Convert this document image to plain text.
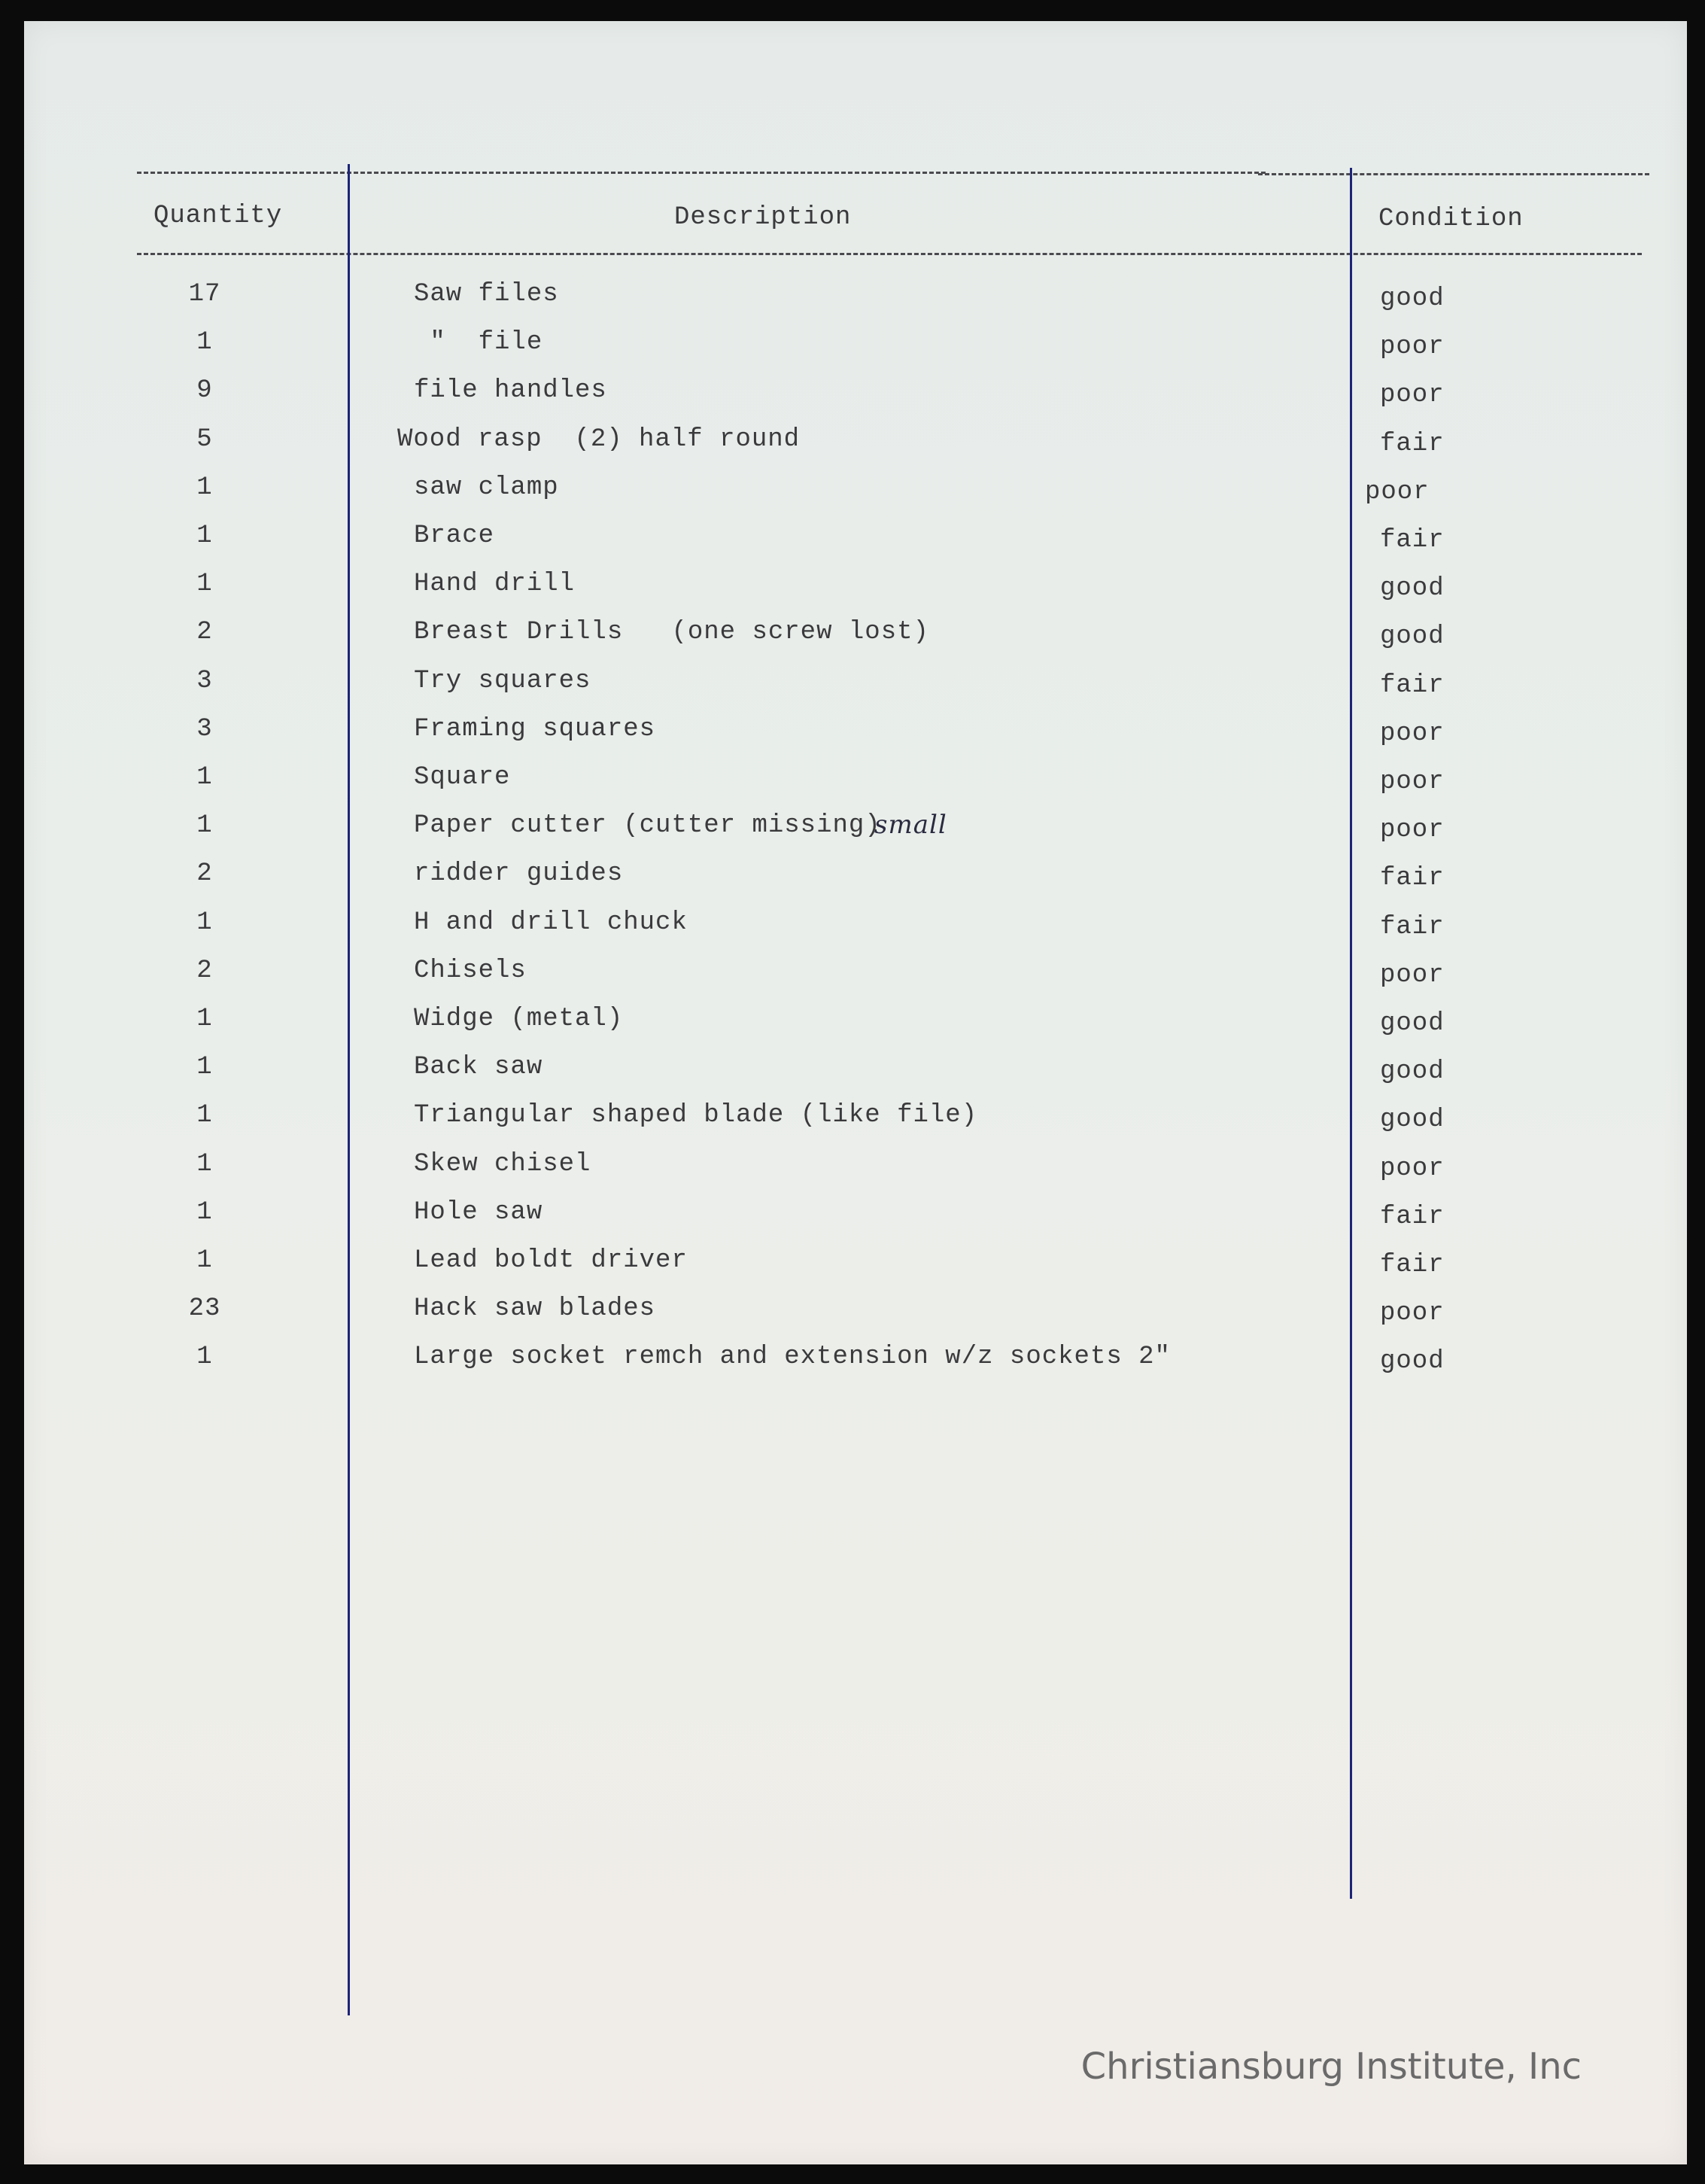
Quantity	Description	Condition
17	Saw files	good
1	"  file	poor
9	file handles	poor
5	Wood rasp  (2) half round	fair
1	saw clamp	poor
1	Brace	fair
1	Hand drill	good
2	Breast Drills   (one screw lost)	good
3	Try squares	fair
3	Framing squares	poor
1	Square	poor
1	Paper cutter (cutter missing)	poor
small
2	ridder guides	fair
1	H and drill chuck	fair
2	Chisels	poor
1	Widge (metal)	good
1	Back saw	good
1	Triangular shaped blade (like file)	good
1	Skew chisel	poor
1	Hole saw	fair
1	Lead boldt driver	fair
23	Hack saw blades	poor
1	Large socket remch and extension w/z sockets 2"	good
Christiansburg Institute, Inc
